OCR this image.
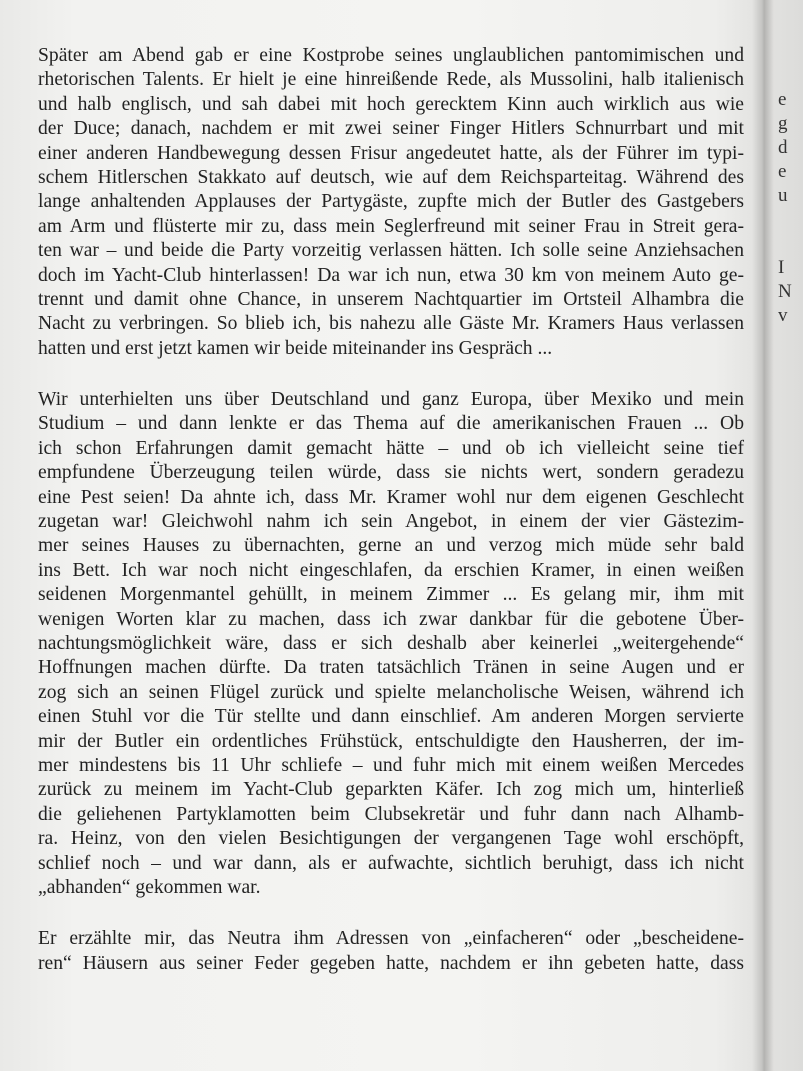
Später am Abend gab er eine Kostprobe seines unglaublichen pantomimischen und
rhetorischen Talents. Er hielt je eine hinreißende Rede, als Mussolini, halb italienisch
und halb englisch, und sah dabei mit hoch gerecktem Kinn auch wirklich aus wie
der Duce; danach, nachdem er mit zwei seiner Finger Hitlers Schnurrbart und mit
einer anderen Handbewegung dessen Frisur angedeutet hatte, als der Führer im typi-
schem Hitlerschen Stakkato auf deutsch, wie auf dem Reichsparteitag. Während des
lange anhaltenden Applauses der Partygäste, zupfte mich der Butler des Gastgebers
am Arm und flüsterte mir zu, dass mein Seglerfreund mit seiner Frau in Streit gera-
ten war – und beide die Party vorzeitig verlassen hätten. Ich solle seine Anziehsachen
doch im Yacht-Club hinterlassen! Da war ich nun, etwa 30 km von meinem Auto ge-
trennt und damit ohne Chance, in unserem Nachtquartier im Ortsteil Alhambra die
Nacht zu verbringen. So blieb ich, bis nahezu alle Gäste Mr. Kramers Haus verlassen
hatten und erst jetzt kamen wir beide miteinander ins Gespräch ...
Wir unterhielten uns über Deutschland und ganz Europa, über Mexiko und mein
Studium – und dann lenkte er das Thema auf die amerikanischen Frauen ... Ob
ich schon Erfahrungen damit gemacht hätte – und ob ich vielleicht seine tief
empfundene Überzeugung teilen würde, dass sie nichts wert, sondern geradezu
eine Pest seien! Da ahnte ich, dass Mr. Kramer wohl nur dem eigenen Geschlecht
zugetan war! Gleichwohl nahm ich sein Angebot, in einem der vier Gästezim-
mer seines Hauses zu übernachten, gerne an und verzog mich müde sehr bald
ins Bett. Ich war noch nicht eingeschlafen, da erschien Kramer, in einen weißen
seidenen Morgenmantel gehüllt, in meinem Zimmer ... Es gelang mir, ihm mit
wenigen Worten klar zu machen, dass ich zwar dankbar für die gebotene Über-
nachtungsmöglichkeit wäre, dass er sich deshalb aber keinerlei „weitergehende“
Hoffnungen machen dürfte. Da traten tatsächlich Tränen in seine Augen und er
zog sich an seinen Flügel zurück und spielte melancholische Weisen, während ich
einen Stuhl vor die Tür stellte und dann einschlief. Am anderen Morgen servierte
mir der Butler ein ordentliches Frühstück, entschuldigte den Hausherren, der im-
mer mindestens bis 11 Uhr schliefe – und fuhr mich mit einem weißen Mercedes
zurück zu meinem im Yacht-Club geparkten Käfer. Ich zog mich um, hinterließ
die geliehenen Partyklamotten beim Clubsekretär und fuhr dann nach Alhamb-
ra. Heinz, von den vielen Besichtigungen der vergangenen Tage wohl erschöpft,
schlief noch – und war dann, als er aufwachte, sichtlich beruhigt, dass ich nicht
„abhanden“ gekommen war.
Er erzählte mir, das Neutra ihm Adressen von „einfacheren“ oder „bescheidene-
ren“ Häusern aus seiner Feder gegeben hatte, nachdem er ihn gebeten hatte, dass
e
g
d
e
u
I
N
v
